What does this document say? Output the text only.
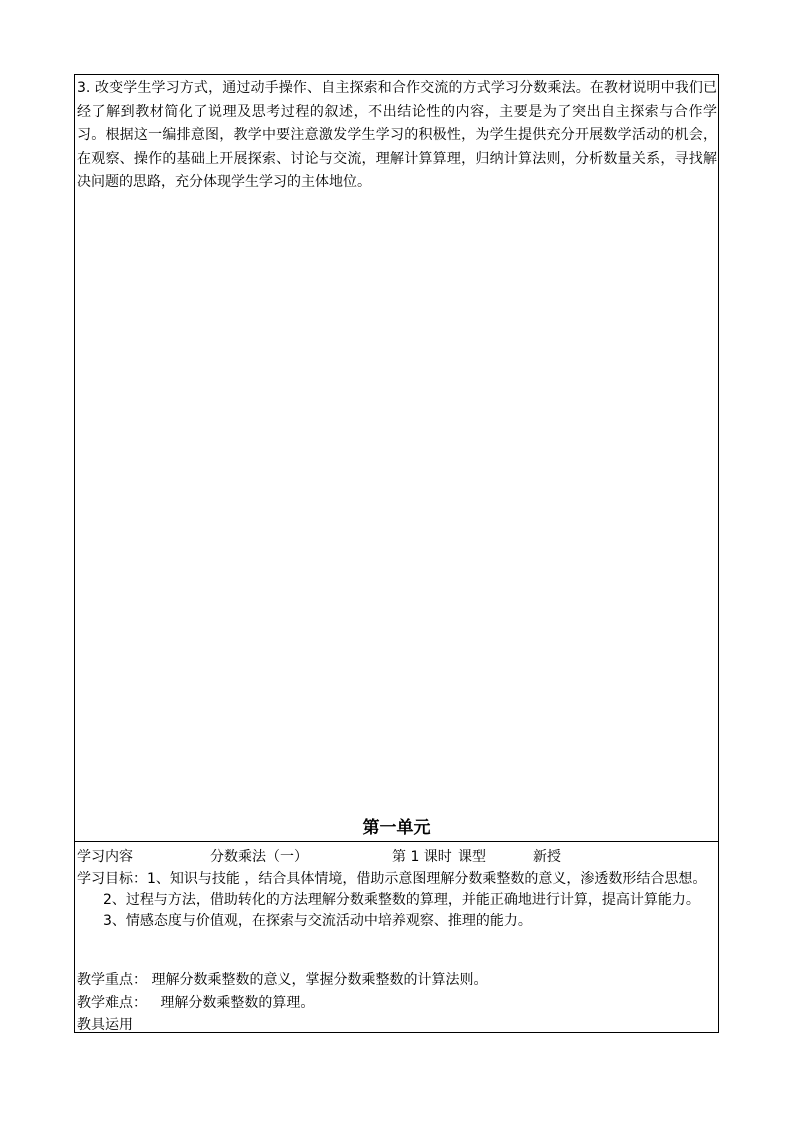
3. 改变学生学习方式，通过动手操作、自主探索和合作交流的方式学习分数乘法。在教材说明中我们已经了解到教材简化了说理及思考过程的叙述，不出结论性的内容，主要是为了突出自主探索与合作学习。根据这一编排意图，教学中要注意激发学生学习的积极性，为学生提供充分开展数学活动的机会，在观察、操作的基础上开展探索、讨论与交流，理解计算算理，归纳计算法则，分析数量关系，寻找解决问题的思路，充分体现学生学习的主体地位。

第一单元

学习内容

	分数乘法（一）

	第 1 课时

课型

	新授

学习目标：1、知识与技能 ，结合具体情境，借助示意图理解分数乘整数的意义，渗透数形结合思想。

2、过程与方法，借助转化的方法理解分数乘整数的算理，并能正确地进行计算，提高计算能力。

3、情感态度与价值观，在探索与交流活动中培养观察、推理的能力。

教学重点： 理解分数乘整数的意义，掌握分数乘整数的计算法则。

教学难点： 理解分数乘整数的算理。

教具运用
